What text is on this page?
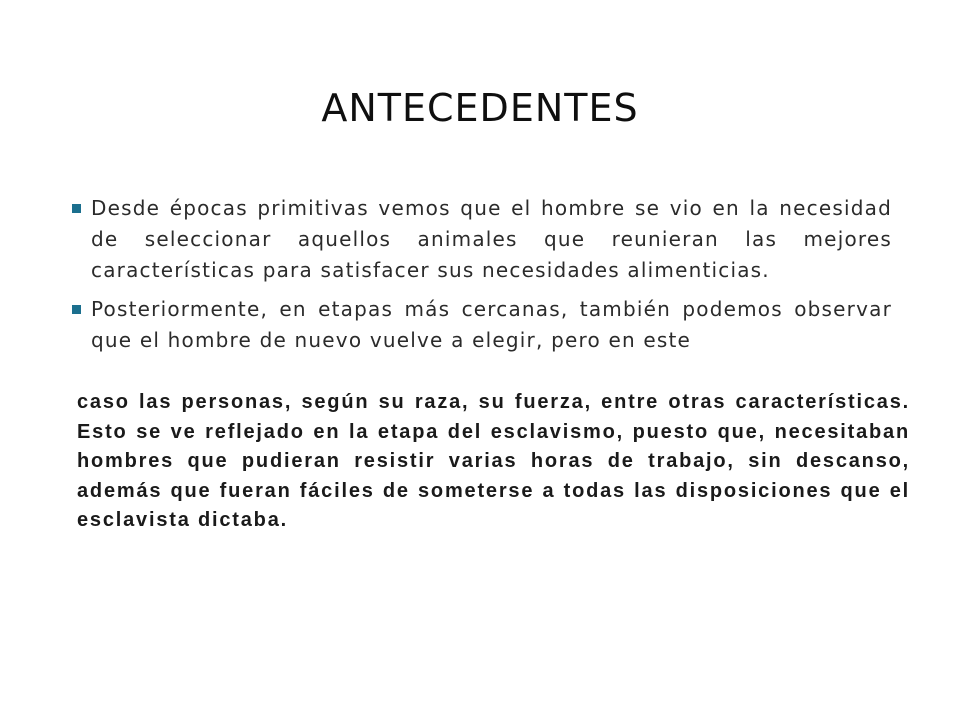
ANTECEDENTES
Desde épocas primitivas vemos que el hombre se vio en la necesidad de seleccionar aquellos animales que reunieran las mejores características para satisfacer sus necesidades alimenticias.
Posteriormente, en etapas más cercanas, también podemos observar que el hombre de nuevo vuelve a elegir, pero en este

caso las personas, según su raza, su fuerza, entre otras características. Esto se ve reflejado en la etapa del esclavismo, puesto que, necesitaban hombres que pudieran resistir varias horas de trabajo, sin descanso, además que fueran fáciles de someterse a todas las disposiciones que el esclavista dictaba.
